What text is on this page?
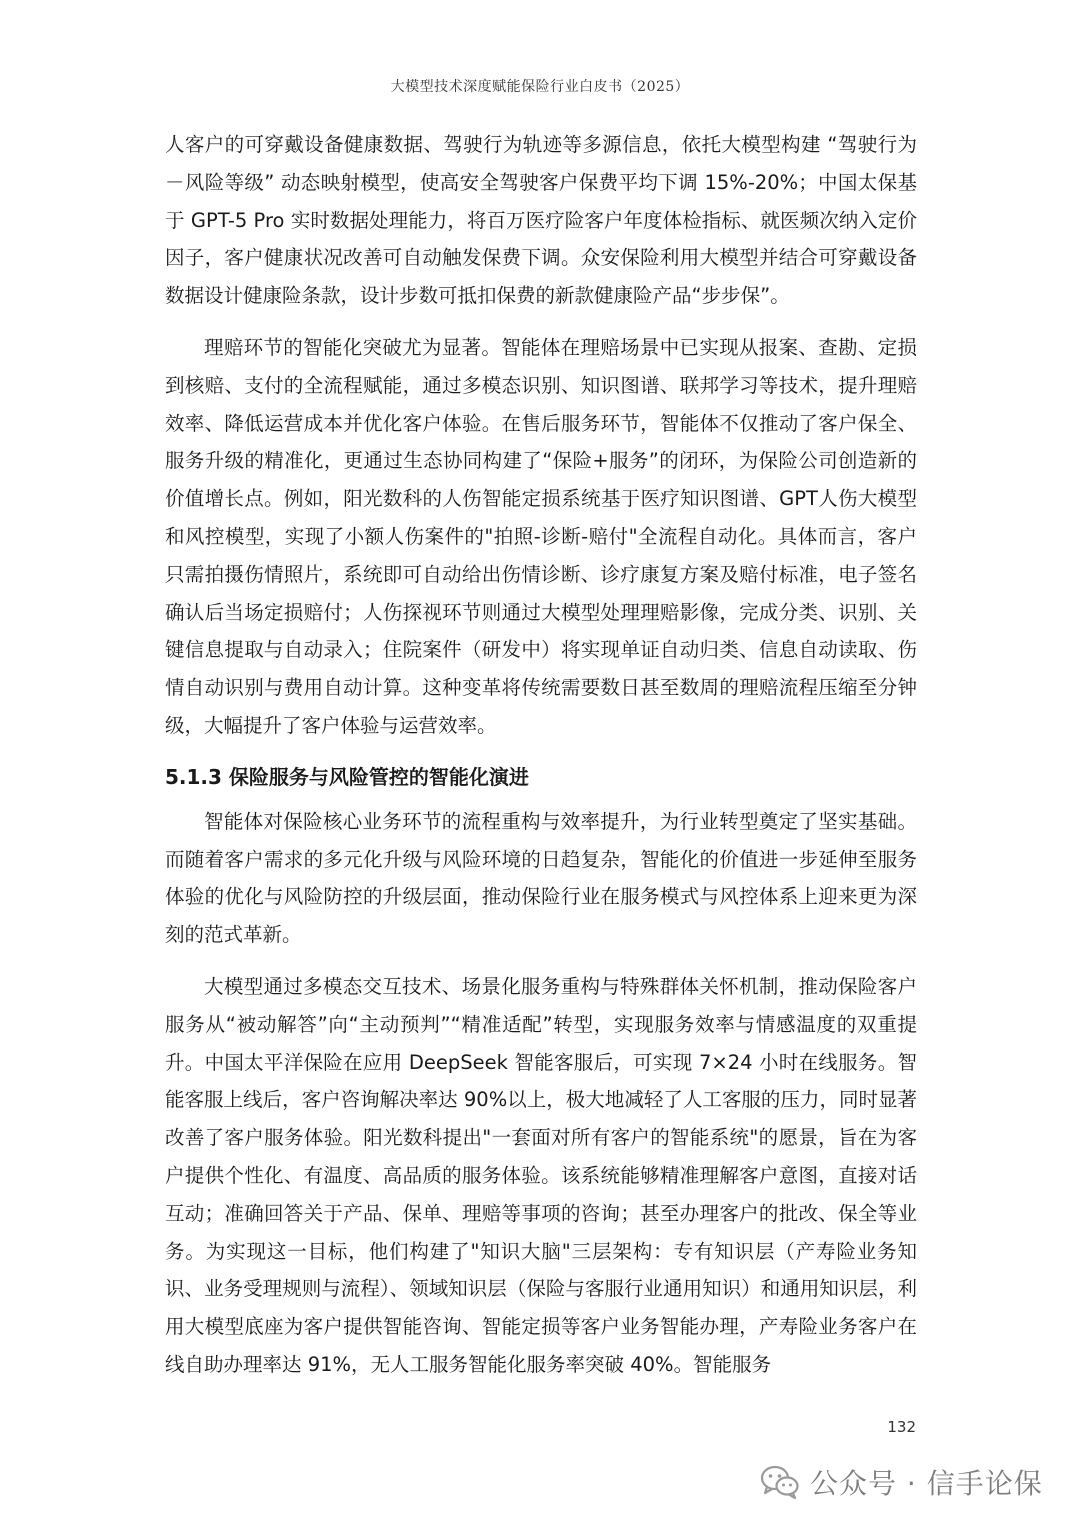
大模型技术深度赋能保险行业白皮书（2025）

人客户的可穿戴设备健康数据、驾驶行为轨迹等多源信息，依托大模型构建 “驾驶行为－风险等级” 动态映射模型，使高安全驾驶客户保费平均下调 15%-20%；中国太保基于 GPT-5 Pro 实时数据处理能力，将百万医疗险客户年度体检指标、就医频次纳入定价因子，客户健康状况改善可自动触发保费下调。众安保险利用大模型并结合可穿戴设备数据设计健康险条款，设计步数可抵扣保费的新款健康险产品“步步保”。

理赔环节的智能化突破尤为显著。智能体在理赔场景中已实现从报案、查勘、定损到核赔、支付的全流程赋能，通过多模态识别、知识图谱、联邦学习等技术，提升理赔效率、降低运营成本并优化客户体验。在售后服务环节，智能体不仅推动了客户保全、服务升级的精准化，更通过生态协同构建了“保险+服务”的闭环，为保险公司创造新的价值增长点。例如，阳光数科的人伤智能定损系统基于医疗知识图谱、GPT人伤大模型和风控模型，实现了小额人伤案件的"拍照-诊断-赔付"全流程自动化。具体而言，客户只需拍摄伤情照片，系统即可自动给出伤情诊断、诊疗康复方案及赔付标准，电子签名确认后当场定损赔付；人伤探视环节则通过大模型处理理赔影像，完成分类、识别、关键信息提取与自动录入；住院案件（研发中）将实现单证自动归类、信息自动读取、伤情自动识别与费用自动计算。这种变革将传统需要数日甚至数周的理赔流程压缩至分钟级，大幅提升了客户体验与运营效率。

5.1.3 保险服务与风险管控的智能化演进

智能体对保险核心业务环节的流程重构与效率提升，为行业转型奠定了坚实基础。而随着客户需求的多元化升级与风险环境的日趋复杂，智能化的价值进一步延伸至服务体验的优化与风险防控的升级层面，推动保险行业在服务模式与风控体系上迎来更为深刻的范式革新。

大模型通过多模态交互技术、场景化服务重构与特殊群体关怀机制，推动保险客户服务从“被动解答”向“主动预判”“精准适配”转型，实现服务效率与情感温度的双重提升。中国太平洋保险在应用 DeepSeek 智能客服后，可实现 7×24 小时在线服务。智能客服上线后，客户咨询解决率达 90%以上，极大地减轻了人工客服的压力，同时显著改善了客户服务体验。阳光数科提出"一套面对所有客户的智能系统"的愿景，旨在为客户提供个性化、有温度、高品质的服务体验。该系统能够精准理解客户意图，直接对话互动；准确回答关于产品、保单、理赔等事项的咨询；甚至办理客户的批改、保全等业务。为实现这一目标，他们构建了"知识大脑"三层架构：专有知识层（产寿险业务知识、业务受理规则与流程）、领域知识层（保险与客服行业通用知识）和通用知识层，利用大模型底座为客户提供智能咨询、智能定损等客户业务智能办理，产寿险业务客户在线自助办理率达 91%，无人工服务智能化服务率突破 40%。智能服务

132
公众号 · 信手论保
